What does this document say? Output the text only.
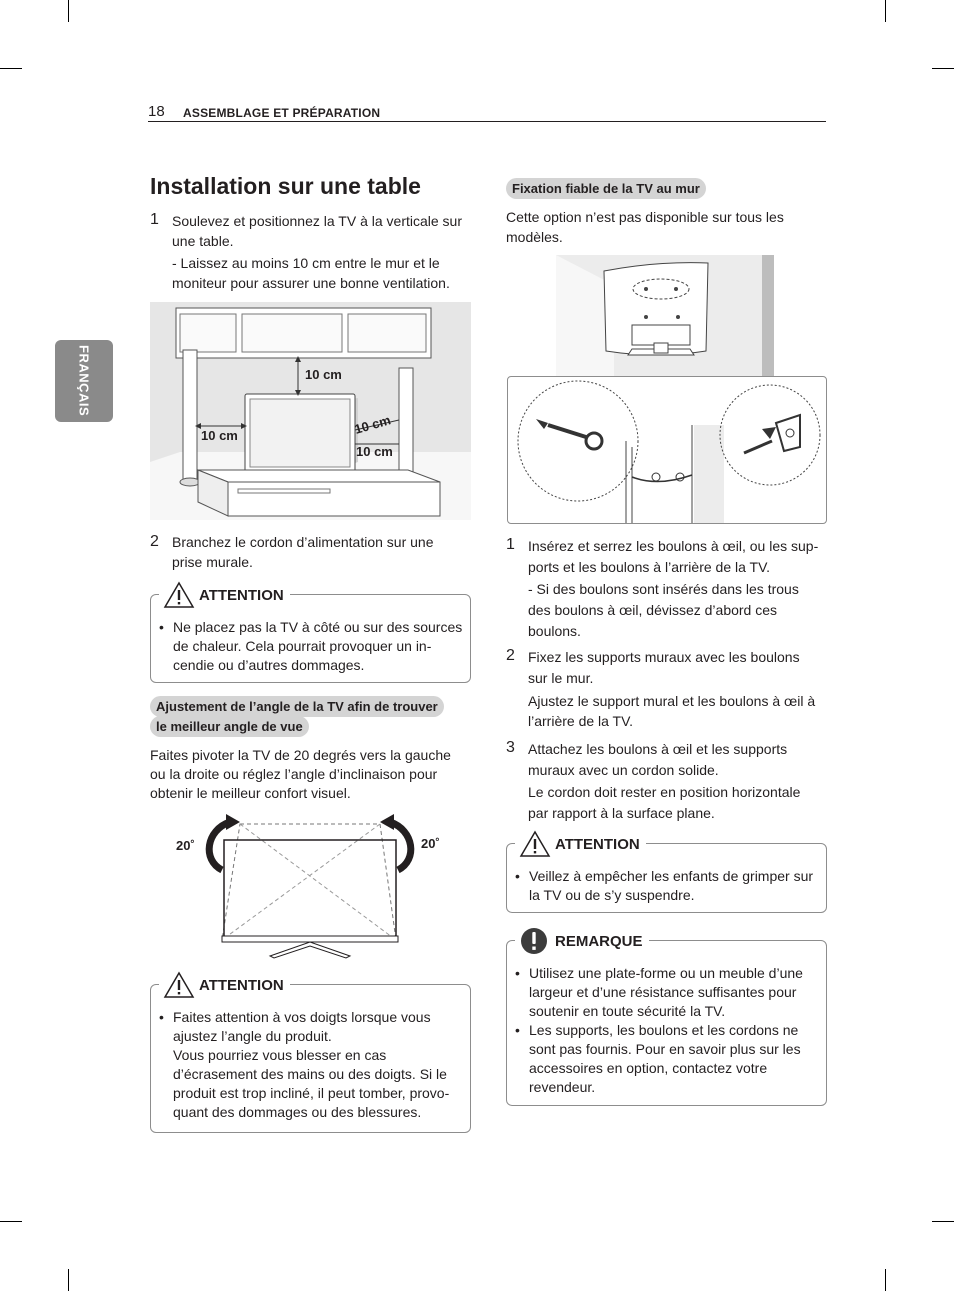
18 ASSEMBLAGE ET PRÉPARATION
FRANÇAIS
Installation sur une table
1 Soulevez et positionnez la TV à la verticale sur une table.
- Laissez au moins 10 cm entre le mur et le moniteur pour assurer une bonne ventilation.
10 cm
10 cm	10 cm
10 cm
2 Branchez le cordon d’alimentation sur une prise murale.
ATTENTION
• Ne placez pas la TV à côté ou sur des sources de chaleur. Cela pourrait provoquer un in- cendie ou d’autres dommages.
Ajustement de l’angle de la TV afin de trouver
le meilleur angle de vue
Faites pivoter la TV de 20 degrés vers la gauche ou la droite ou réglez l’angle d’inclinaison pour obtenir le meilleur confort visuel.
20˚	20˚
ATTENTION
• Faites attention à vos doigts lorsque vous ajustez l’angle du produit.
Vous pourriez vous blesser en cas d’écrasement des mains ou des doigts. Si le produit est trop incliné, il peut tomber, provo- quant des dommages ou des blessures.
Fixation fiable de la TV au mur
Cette option n’est pas disponible sur tous les modèles.
1 Insérez et serrez les boulons à œil, ou les sup- ports et les boulons à l’arrière de la TV.
- Si des boulons sont insérés dans les trous des boulons à œil, dévissez d’abord ces boulons.
2 Fixez les supports muraux avec les boulons sur le mur.
Ajustez le support mural et les boulons à œil à l’arrière de la TV.
3 Attachez les boulons à œil et les supports muraux avec un cordon solide.
Le cordon doit rester en position horizontale par rapport à la surface plane.
ATTENTION
• Veillez à empêcher les enfants de grimper sur la TV ou de s’y suspendre.
REMARQUE
• Utilisez une plate-forme ou un meuble d’une largeur et d’une résistance suffisantes pour soutenir en toute sécurité la TV.
• Les supports, les boulons et les cordons ne sont pas fournis. Pour en savoir plus sur les accessoires en option, contactez votre revendeur.
